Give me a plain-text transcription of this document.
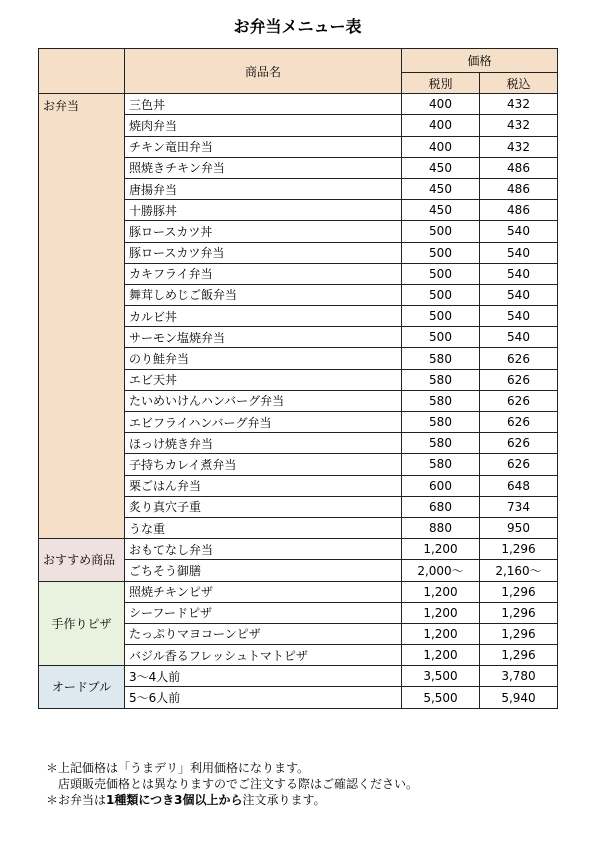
お弁当メニュー表
	商品名	価格	
		税別	税込
お弁当	三色丼	400	432
	焼肉弁当	400	432
	チキン竜田弁当	400	432
	照焼きチキン弁当	450	486
	唐揚弁当	450	486
	十勝豚丼	450	486
	豚ロースカツ丼	500	540
	豚ロースカツ弁当	500	540
	カキフライ弁当	500	540
	舞茸しめじご飯弁当	500	540
	カルビ丼	500	540
	サーモン塩焼弁当	500	540
	のり鮭弁当	580	626
	エビ天丼	580	626
	たいめいけんハンバーグ弁当	580	626
	エビフライハンバーグ弁当	580	626
	ほっけ焼き弁当	580	626
	子持ちカレイ煮弁当	580	626
	栗ごはん弁当	600	648
	炙り真穴子重	680	734
	うな重	880	950
おすすめ商品	おもてなし弁当	1,200	1,296
	ごちそう御膳	2,000〜	2,160〜
手作りピザ	照焼チキンピザ	1,200	1,296
	シーフードピザ	1,200	1,296
	たっぷりマヨコーンピザ	1,200	1,296
	バジル香るフレッシュトマトピザ	1,200	1,296
オードブル	3〜4人前	3,500	3,780
	5〜6人前	5,500	5,940
＊上記価格は「うまデリ」利用価格になります。
店頭販売価格とは異なりますのでご注文する際はご確認ください。
＊お弁当は1種類につき3個以上から注文承ります。
